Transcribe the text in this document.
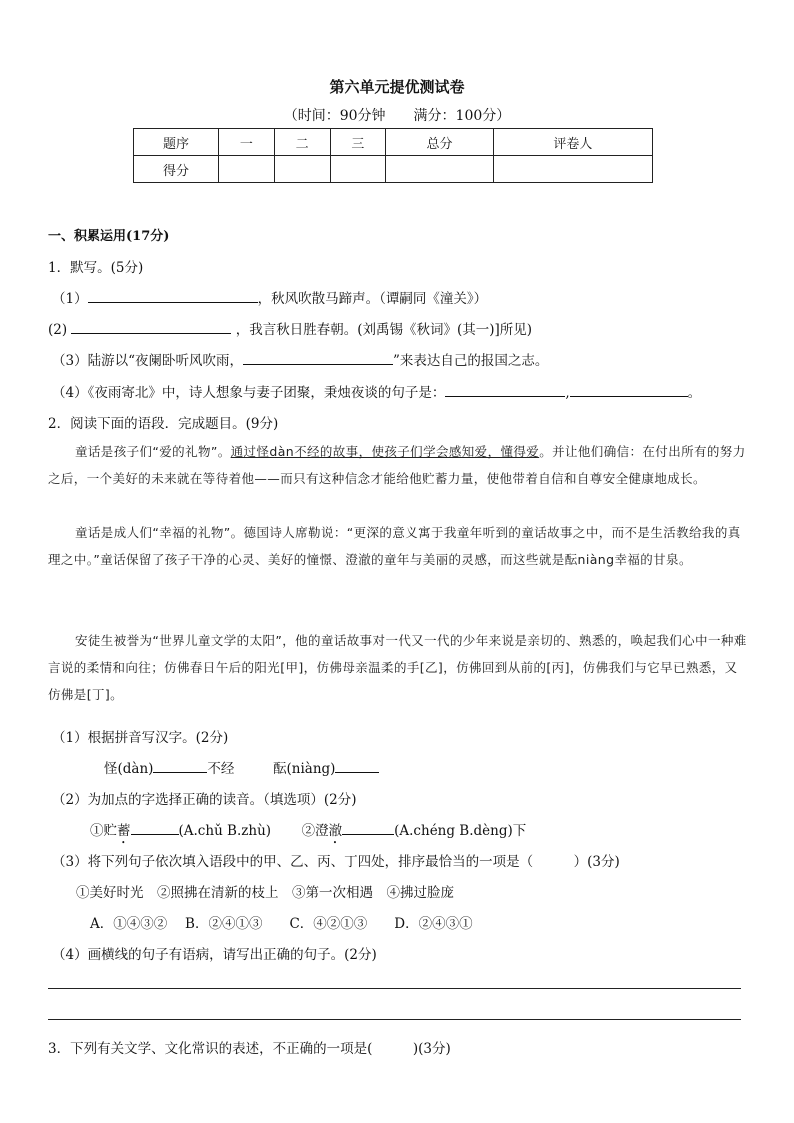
第六单元提优测试卷
（时间：90分钟　　满分：100分）
题序	一	二	三	总分	评卷人
得分					
一、积累运用(17分)
1．默写。(5分)
（1）	，秋风吹散马蹄声。（谭嗣同《潼关》）
(2)	，我言秋日胜春朝。(刘禹锡《秋词》(其一)]所见)
（3）陆游以“夜阑卧听风吹雨，	”来表达自己的报国之志。
（4）《夜雨寄北》中，诗人想象与妻子团聚，秉烛夜谈的句子是：	,	。
2．阅读下面的语段．完成题目。(9分)
童话是孩子们“爱的礼物”。通过怪dàn不经的故事，使孩子们学会感知爱，懂得爱。并让他们确信：在付出所有的努力之后，一个美好的未来就在等待着他——而只有这种信念才能给他贮蓄力量，使他带着自信和自尊安全健康地成长。
童话是成人们“幸福的礼物”。德国诗人席勒说：“更深的意义寓于我童年听到的童话故事之中，而不是生活教给我的真理之中。”童话保留了孩子干净的心灵、美好的憧憬、澄澈的童年与美丽的灵感，而这些就是酝niàng幸福的甘泉。
安徒生被誉为“世界儿童文学的太阳”，他的童话故事对一代又一代的少年来说是亲切的、熟悉的，唤起我们心中一种难言说的柔情和向往；仿佛春日午后的阳光[甲]，仿佛母亲温柔的手[乙]，仿佛回到从前的[丙]，仿佛我们与它早已熟悉，又仿佛是[丁]。
（1）根据拼音写汉字。(2分)
怪(dàn)	不经	酝(niàng)
（2）为加点的字选择正确的读音。（填选项）(2分)
①贮蓄	(A.chǔ B.zhù) ②澄澈	(A.chéng B.dèng)下
（3）将下列句子依次填入语段中的甲、乙、丙、丁四处，排序最恰当的一项是（　　　）(3分)
①美好时光　②照拂在清新的枝上　③第一次相遇　④拂过脸庞
A．①④③②　 B．②④①③　　C．④②①③　　D．②④③①
（4）画横线的句子有语病，请写出正确的句子。(2分)
3．下列有关文学、文化常识的表述，不正确的一项是(　　　)(3分)
